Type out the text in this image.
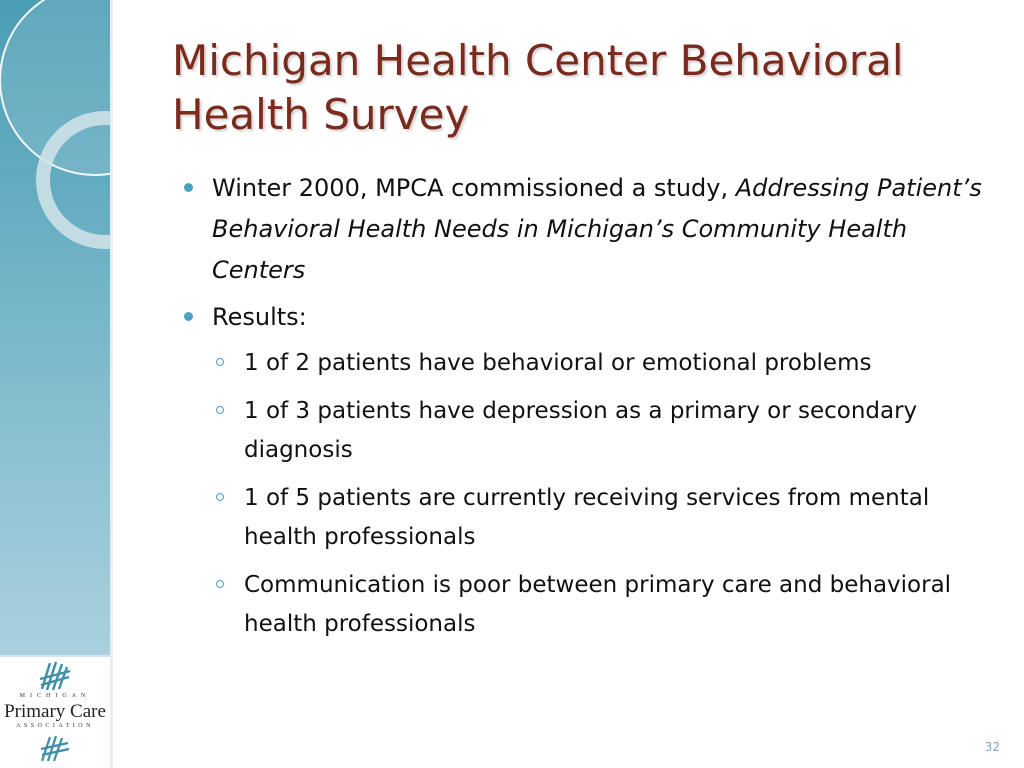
MICHIGAN
Primary Care
ASSOCIATION
Michigan Health Center Behavioral Health Survey
Winter 2000, MPCA commissioned a study, Addressing Patient’s Behavioral Health Needs in Michigan’s Community Health Centers
Results:
1 of 2 patients have behavioral or emotional problems
1 of 3 patients have depression as a primary or secondary diagnosis
1 of 5 patients are currently receiving services from mental health professionals
Communication is poor between primary care and behavioral health professionals
32
